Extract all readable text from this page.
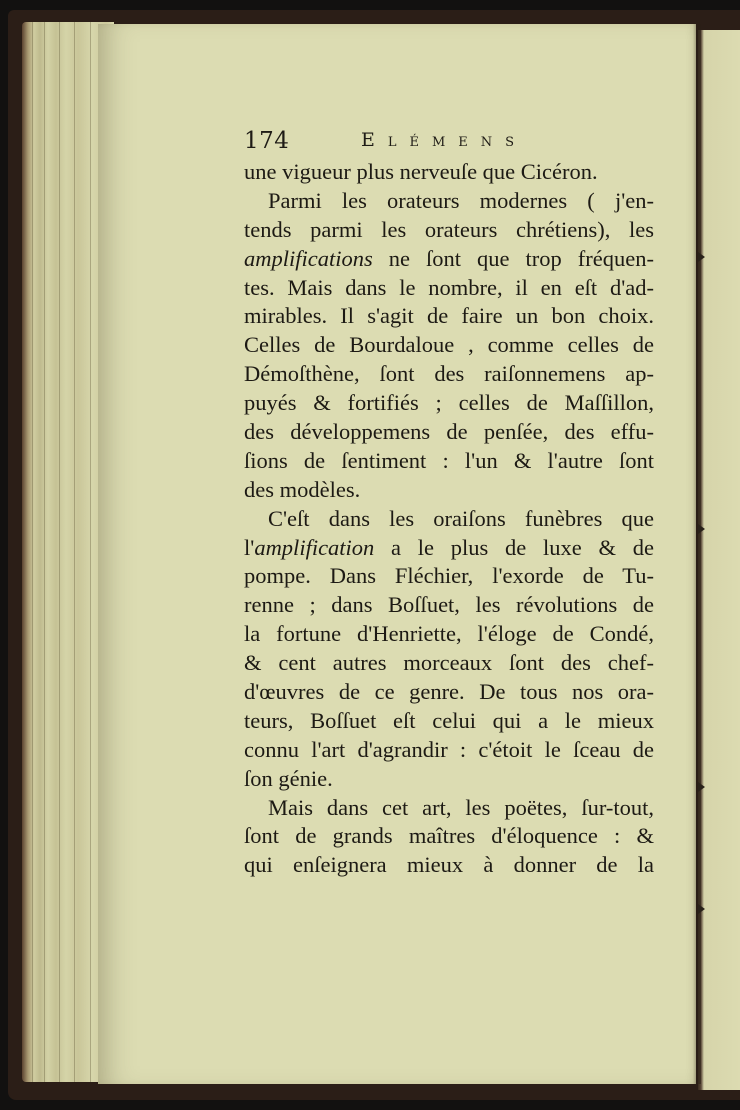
174	Elémens
une vigueur plus nerveuſe que Cicéron.
Parmi les orateurs modernes ( j'en-
tends parmi les orateurs chrétiens), les
amplifications ne ſont que trop fréquen-
tes. Mais dans le nombre, il en eſt d'ad-
mirables. Il s'agit de faire un bon choix.
Celles de Bourdaloue , comme celles de
Démoſthène, ſont des raiſonnemens ap-
puyés & fortifiés ; celles de Maſſillon,
des développemens de penſée, des effu-
ſions de ſentiment : l'un & l'autre ſont
des modèles.
C'eſt dans les oraiſons funèbres que
l'amplification a le plus de luxe & de
pompe. Dans Fléchier, l'exorde de Tu-
renne ; dans Boſſuet, les révolutions de
la fortune d'Henriette, l'éloge de Condé,
& cent autres morceaux ſont des chef-
d'œuvres de ce genre. De tous nos ora-
teurs, Boſſuet eſt celui qui a le mieux
connu l'art d'agrandir : c'étoit le ſceau de
ſon génie.
Mais dans cet art, les poëtes, ſur-tout,
ſont de grands maîtres d'éloquence : &
qui enſeignera mieux à donner de la
